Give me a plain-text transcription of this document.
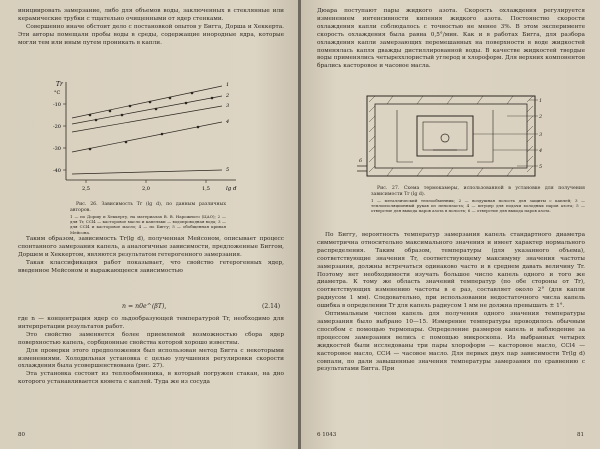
инициировать замерзание, либо для объемов воды, заключенных в стеклянные или керамические трубки с тщательно очищенными от ядер стенками.

Совершенно иначе обстоит дело с постановкой опытов у Бигга, Дорша и Хеккерта. Эти авторы помещали пробы воды в среды, содержащие инородные ядра, которые могли тем или иным путем проникать в капли.

-10
-20
-30
-40
Tr
°C
2,5	2,0	1,5	lg d
1
2
3
4
5
Рис. 26. Зависимость Tr (lg d), по данным различных авторов.
1 — по Доршу и Хеккерту, на материалах В. В. Нарожного (ЦАО); 2 — для Tr, CCl4 — касторовое масло и капельки — водопроводная вода; 3 — для CCl4 и касторовое масло; 4 — по Биггу; 5 — обобщенная кривая Мейсона.

Таким образом, зависимость Tr(lg d), полученная Мейсоном, описывает процесс спонтанного замерзания капель, а аналогичные зависимости, предложенные Биггом, Доршем и Хеккертом, являются результатом гетерогенного замерзания.

Такая классификация работ показывает, что свойство гетерогенных ядер, введенное Мейсоном и выражающееся зависимостью

n = n0e^(βT),	(2.14)

где n — концентрация ядер со льдообразующей температурой Tr, необходимо для интерпретации результатов работ.

Это свойство заменяется более приемлемой возможностью сбора ядер поверхностью капель, сорбционные свойства которой хорошо известны.

Для проверки этого предположения был использован метод Бигга с некоторыми изменениями. Холодильная установка с целью улучшения регулировки скорости охлаждения была усовершенствована (рис. 27).

Эта установка состоит из теплообменника, в который погружен стакан, на дно которого устанавливается кювета с каплей. Туда же из сосуда

80

Дюара поступают пары жидкого азота. Скорость охлаждения регулируется изменением интенсивности кипения жидкого азота. Постоянство скорости охлаждения капли соблюдалось с точностью не менее 3%. В этом эксперименте скорость охлаждения была равна 0,5°/мин. Как и в работах Бигга, для разбора охлаждения капли замерзающих перемешанных на поверхности в воде жидкостей поменялась капля дважды дистиллированной воды. В качестве жидкостей твердые воды применялись четыреххлористый углерод и хлороформ. Для верхних компонентов брались касторовое и часовое масла.

1
2
3
4
5
6
Рис. 27. Схема термокамеры, использованной в установке для получения зависимости Tr (lg d).
1 — металлический теплообменник; 2 — воздушная полость для защиты с каплей; 3 — теплоизоляционный рукав из пенопласта; 4 — штуцер для подачи холодных паров азота; 5 — отверстие для выхода паров азота в полость; 6 — отверстие для выхода паров азота.

По Биггу, вероятность температур замерзания капель стандартного диаметра симметрична относительно максимального значения и имеет характер нормального распределения. Таким образом, температуры (для указанного объема), соответствующие значения Tr, соответствующему максимуму значения частоты замерзания, должны встречаться одинаково часто и в среднем давать величину Tr. Поэтому нет необходимости изучать большое число капель одного и того же диаметра. К тому же область значений температур (по обе стороны от Tr), соответствующих изменению частоты в е раз, составляет около 2° (для капли радиусом 1 мм). Следовательно, при использовании недостаточного числа капель ошибка в определении Tr для капель радиусом 1 мм не должна превышать ± 1°.

Оптимальным числом капель для получения одного значения температуры замерзания было выбрано 10—15. Измерение температуры проводилось обычным способом с помощью термопары. Определение размеров капель и наблюдение за процессом замерзания велись с помощью микроскопа. Из выбранных четырех жидкостей были исследованы три пары хлороформ — касторовое масло, CCl4 — касторовое масло, CCl4 — часовое масло. Для первых двух пар зависимости Tr(lg d) совпали, по дали завышенные значения температуры замерзания по сравнению с результатами Бигга. При

6 1043	81
